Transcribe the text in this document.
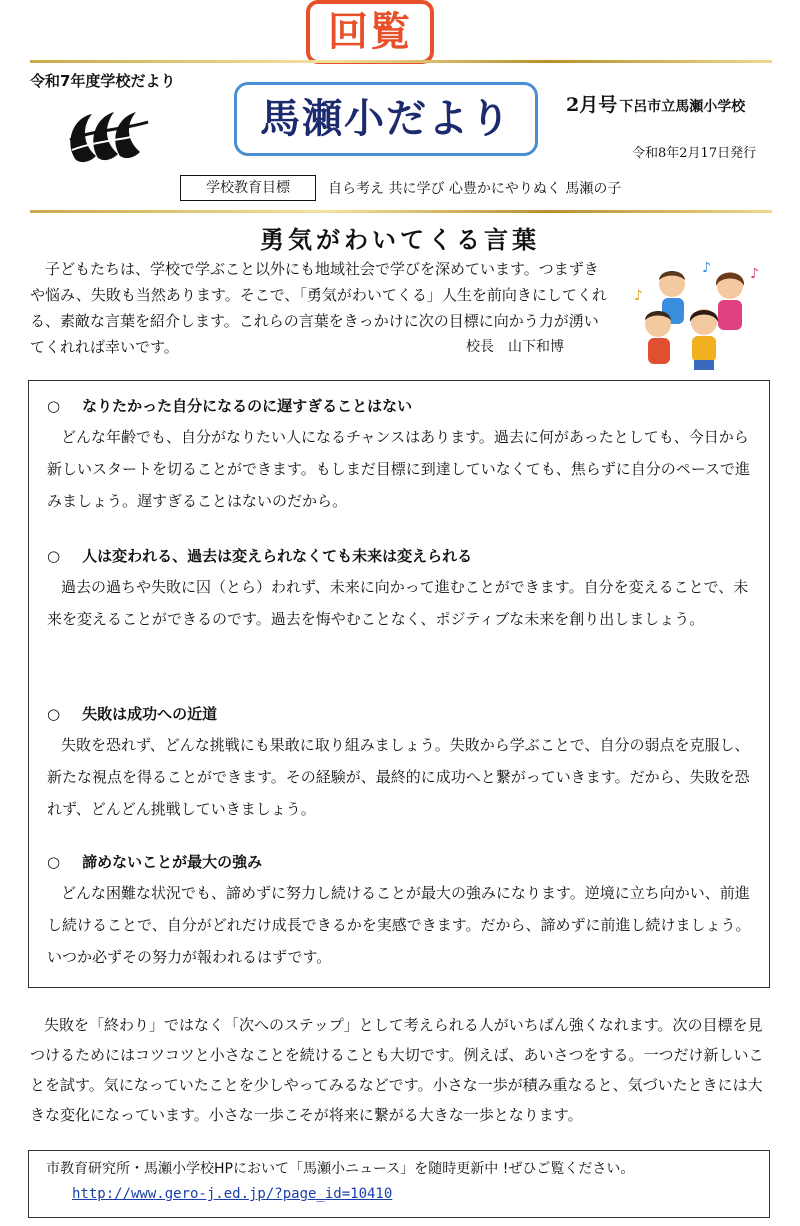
回覧
令和7年度学校だより
馬瀬小だより	2月号 下呂市立馬瀬小学校
令和8年2月17日発行
学校教育目標	自ら考え 共に学び 心豊かにやりぬく 馬瀬の子
勇気がわいてくる言葉
子どもたちは、学校で学ぶこと以外にも地域社会で学びを深めています。つまずきや悩み、失敗も当然あります。そこで、「勇気がわいてくる」人生を前向きにしてくれる、素敵な言葉を紹介します。これらの言葉をきっかけに次の目標に向かう力が湧いてくれれば幸いです。	校長　山下和博
♪
♪	♪
○ なりたかった自分になるのに遅すぎることはない
どんな年齢でも、自分がなりたい人になるチャンスはあります。過去に何があったとしても、今日から新しいスタートを切ることができます。もしまだ目標に到達していなくても、焦らずに自分のペースで進みましょう。遅すぎることはないのだから。
○ 人は変われる、過去は変えられなくても未来は変えられる
過去の過ちや失敗に囚（とら）われず、未来に向かって進むことができます。自分を変えることで、未来を変えることができるのです。過去を悔やむことなく、ポジティブな未来を創り出しましょう。
○ 失敗は成功への近道
失敗を恐れず、どんな挑戦にも果敢に取り組みましょう。失敗から学ぶことで、自分の弱点を克服し、新たな視点を得ることができます。その経験が、最終的に成功へと繋がっていきます。だから、失敗を恐れず、どんどん挑戦していきましょう。
○ 諦めないことが最大の強み
どんな困難な状況でも、諦めずに努力し続けることが最大の強みになります。逆境に立ち向かい、前進し続けることで、自分がどれだけ成長できるかを実感できます。だから、諦めずに前進し続けましょう。いつか必ずその努力が報われるはずです。
失敗を「終わり」ではなく「次へのステップ」として考えられる人がいちばん強くなれます。次の目標を見つけるためにはコツコツと小さなことを続けることも大切です。例えば、あいさつをする。一つだけ新しいことを試す。気になっていたことを少しやってみるなどです。小さな一歩が積み重なると、気づいたときには大きな変化になっています。小さな一歩こそが将来に繋がる大きな一歩となります。
市教育研究所・馬瀬小学校HPにおいて「馬瀬小ニュース」を随時更新中 !ぜひご覧ください。
http://www.gero-j.ed.jp/?page_id=10410
